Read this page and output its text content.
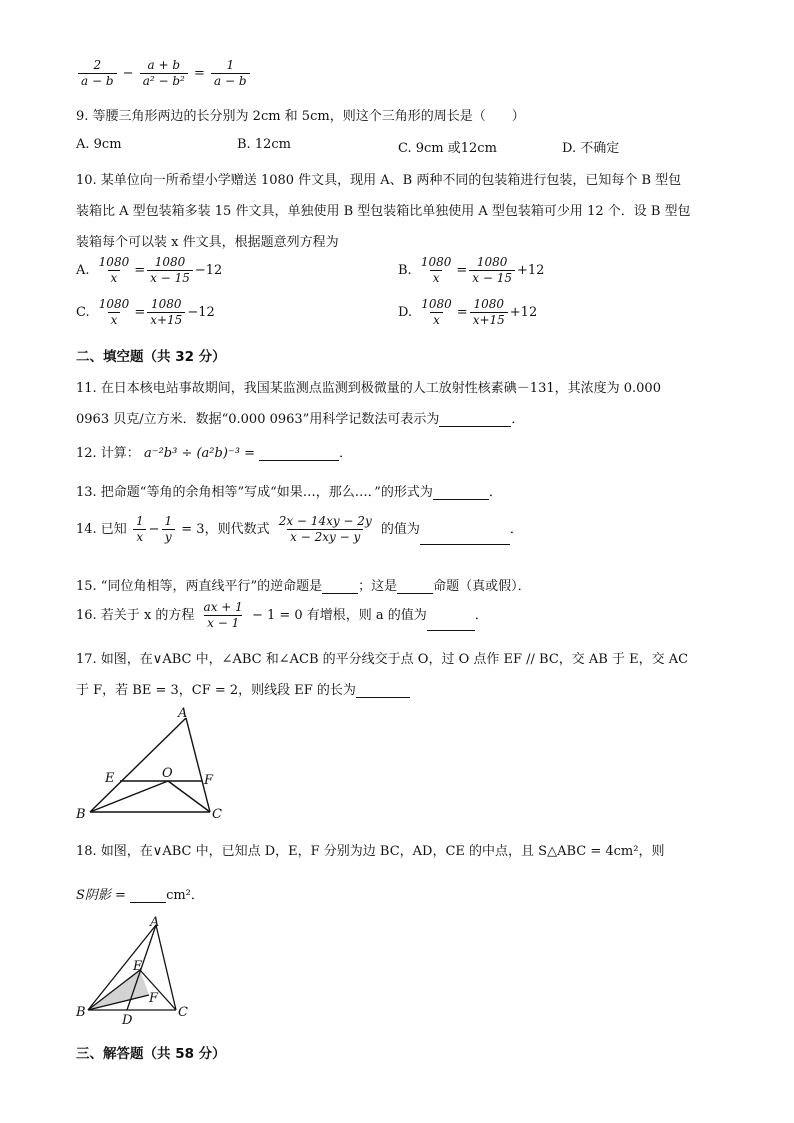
$\frac{2}{a - b} - \frac{a + b}{\text{a² − b²}} = \frac{1}{a - b}$
9. 等腰三角形两边的长分别为 2cm 和 5cm，则这个三角形的周长是（　　）
A. 9cm	B. 12cm	C. 9cm 或12cm	D. 不确定
10. 某单位向一所希望小学赠送 1080 件文具，现用 A、B 两种不同的包装箱进行包装，已知每个 B 型包
装箱比 A 型包装箱多装 15 件文具，单独使用 B 型包装箱比单独使用 A 型包装箱可少用 12 个．设 B 型包
装箱每个可以装 x 件文具，根据题意列方程为
A. $\frac{1080}{x} = \frac{1080}{x - 15} -12$	B. $\frac{1080}{x} = \frac{1080}{x - 15} +12$
C. $\frac{1080}{x} = \frac{1080}{x+15} -12$	D. $\frac{1080}{x} = \frac{1080}{x+15} +12$
二、填空题（共 32 分）
11. 在日本核电站事故期间，我国某监测点监测到极微量的人工放射性核素碘－131，其浓度为 0.000
0963 贝克/立方米．数据“0.000 0963”用科学记数法可表示为	．
12. 计算： a⁻²b³ ÷ (a²b)⁻³ =	．
13. 把命题“等角的余角相等”写成“如果…，那么…．”的形式为	．
14. 已知 $\frac{1}{x} - \frac{1}{y} = 3$，则代数式 $\frac{2x - 14xy - 2y}{x - 2xy - y}$ 的值为	．
15. “同位角相等，两直线平行”的逆命题是	；这是	命题（真或假）．
16. 若关于 x 的方程 $\frac{ax + 1}{x - 1} - 1 = 0$ 有增根，则 a 的值为	．
17. 如图，在∨ABC 中，∠ABC 和∠ACB 的平分线交于点 O，过 O 点作 EF // BC，交 AB 于 E，交 AC
于 F，若 BE = 3，CF = 2，则线段 EF 的长为
A
B	C
E	O F
18. 如图，在∨ABC 中，已知点 D，E，F 分别为边 BC，AD，CE 的中点，且 S△ABC = 4cm²，则
S阴影 =	cm²．
A
B	C
D
E
F
三、解答题（共 58 分）
